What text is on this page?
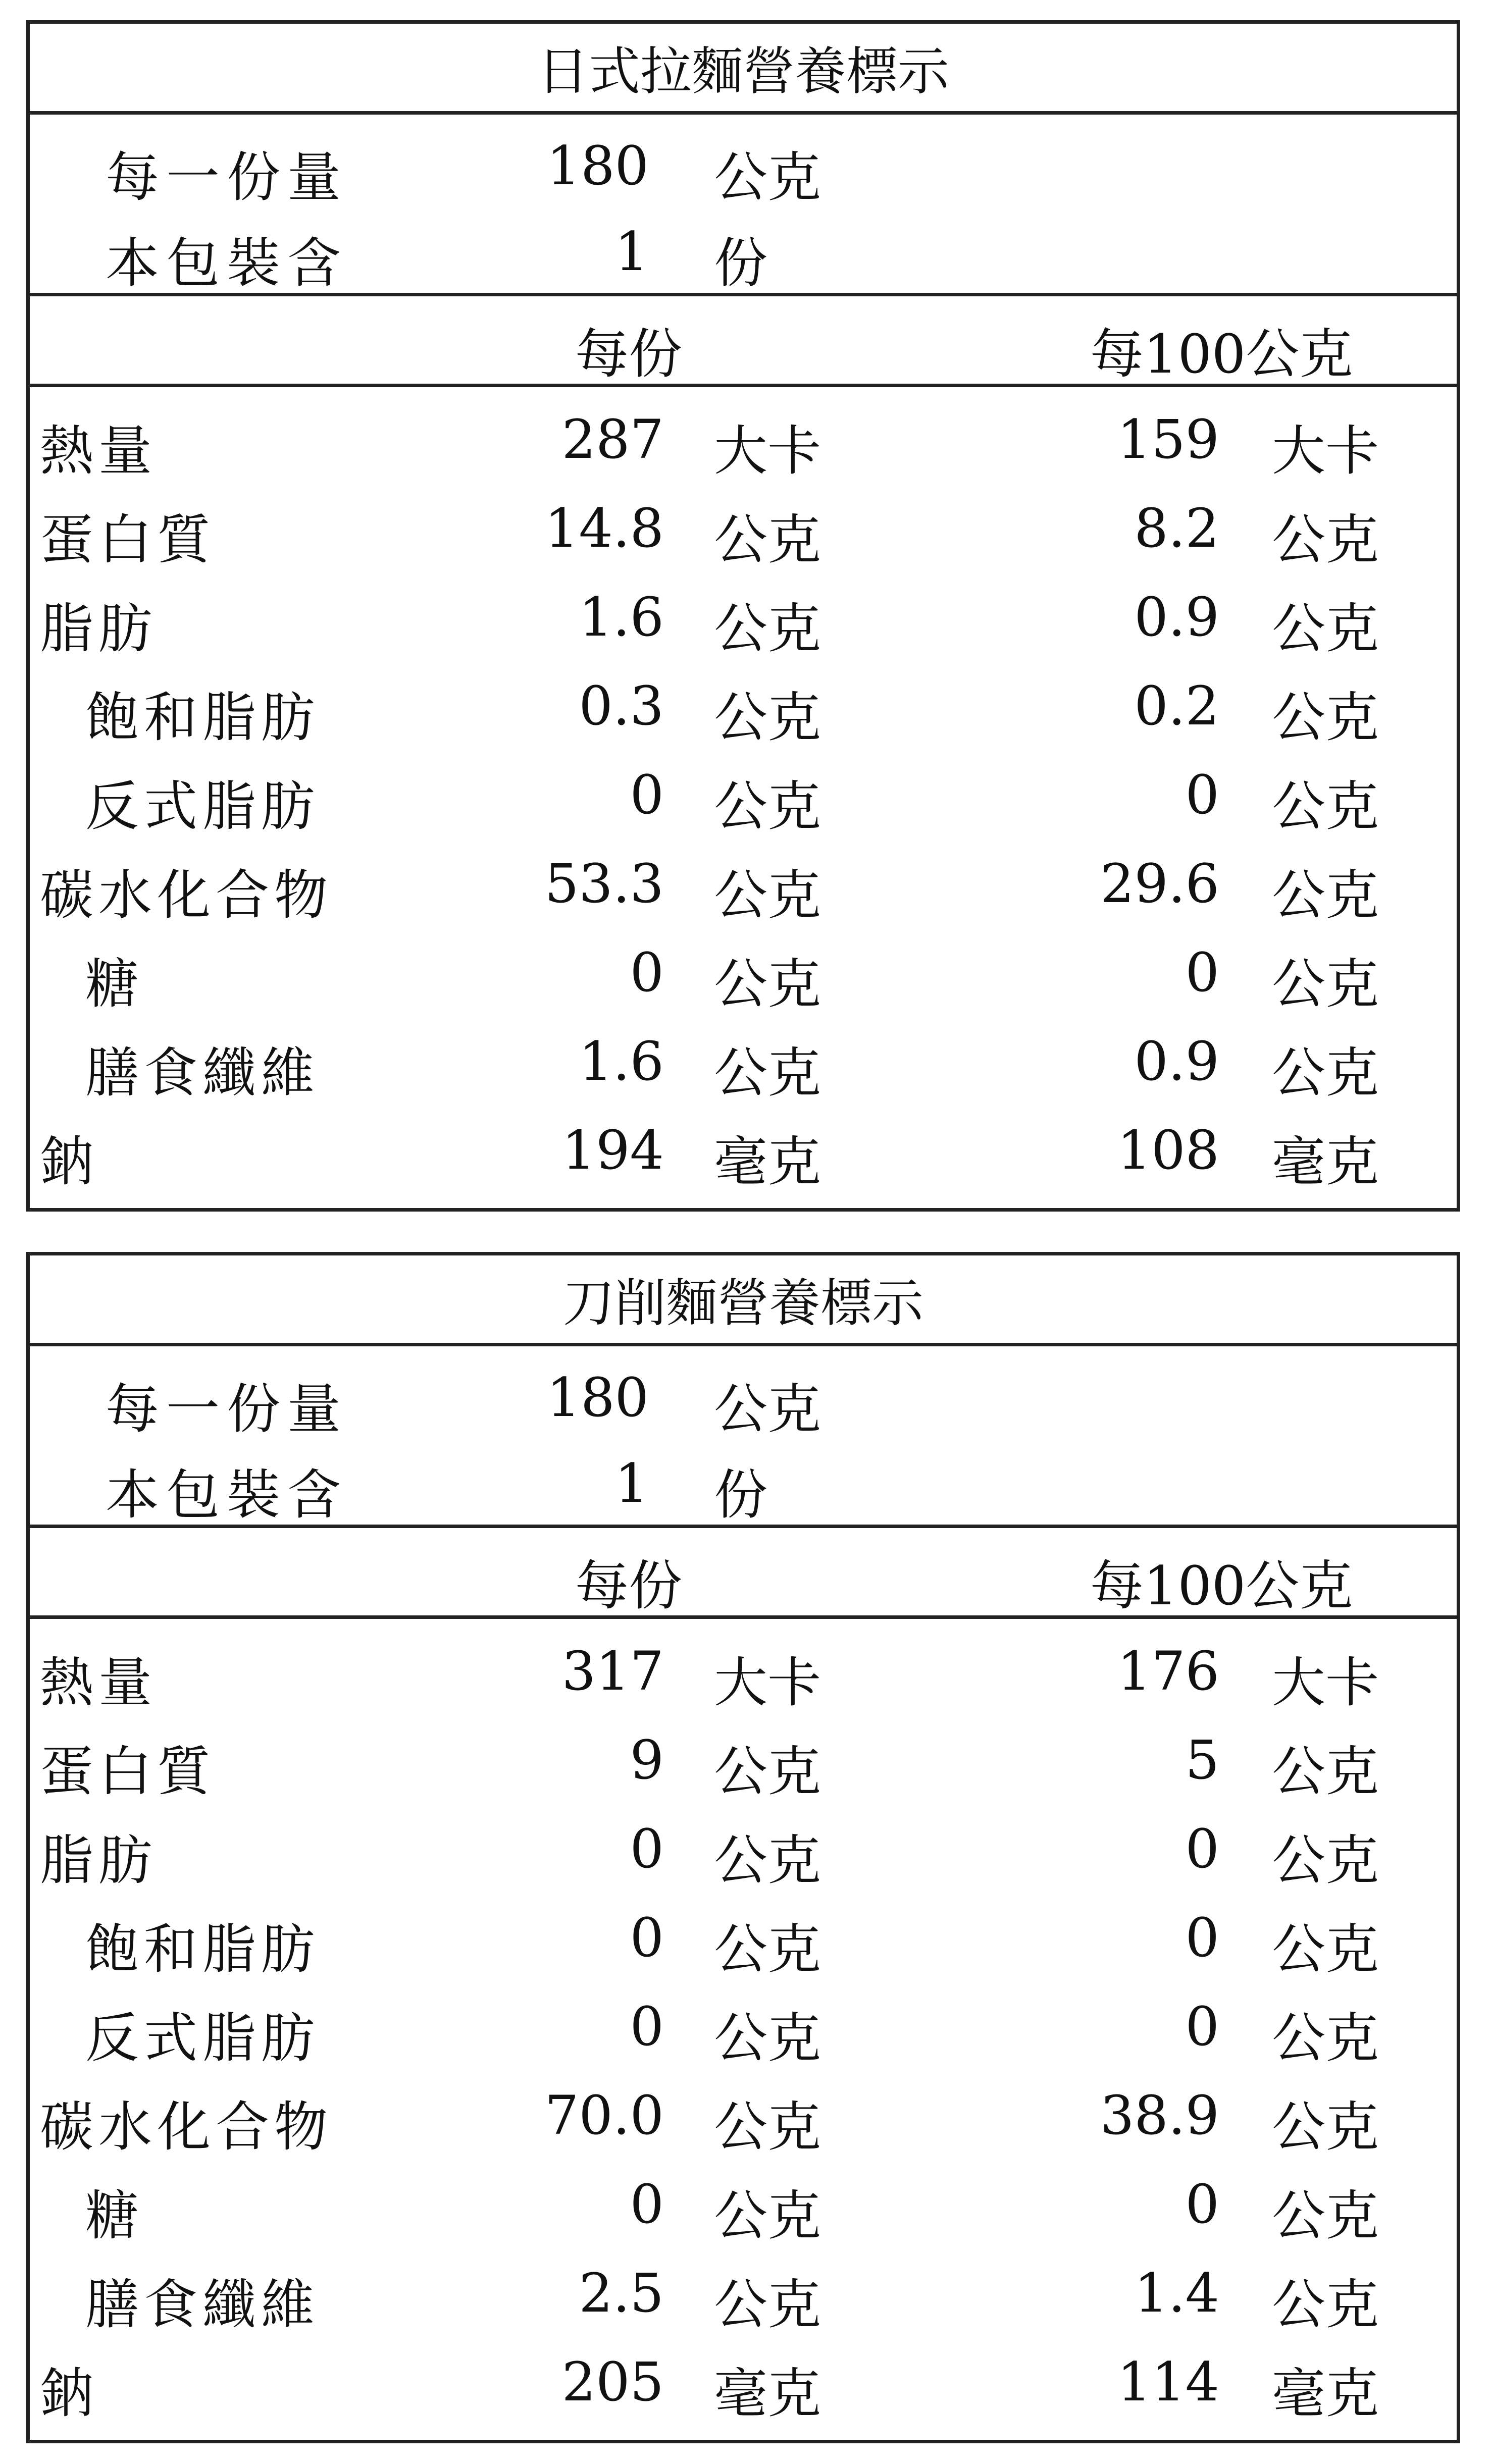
日式拉麵營養標示
每一份量	180 公克
本包裝含	1 份
每份	每100公克
熱量	287 大卡	159 大卡
蛋白質	14.8 公克	8.2 公克
脂肪	1.6 公克	0.9 公克
飽和脂肪	0.3 公克	0.2 公克
反式脂肪	0 公克	0 公克
碳水化合物	53.3 公克	29.6 公克
糖	0 公克	0 公克
膳食纖維	1.6 公克	0.9 公克
鈉	194 毫克	108 毫克
刀削麵營養標示
每一份量	180 公克
本包裝含	1 份
每份	每100公克
熱量	317 大卡	176 大卡
蛋白質	9 公克	5 公克
脂肪	0 公克	0 公克
飽和脂肪	0 公克	0 公克
反式脂肪	0 公克	0 公克
碳水化合物	70.0 公克	38.9 公克
糖	0 公克	0 公克
膳食纖維	2.5 公克	1.4 公克
鈉	205 毫克	114 毫克
